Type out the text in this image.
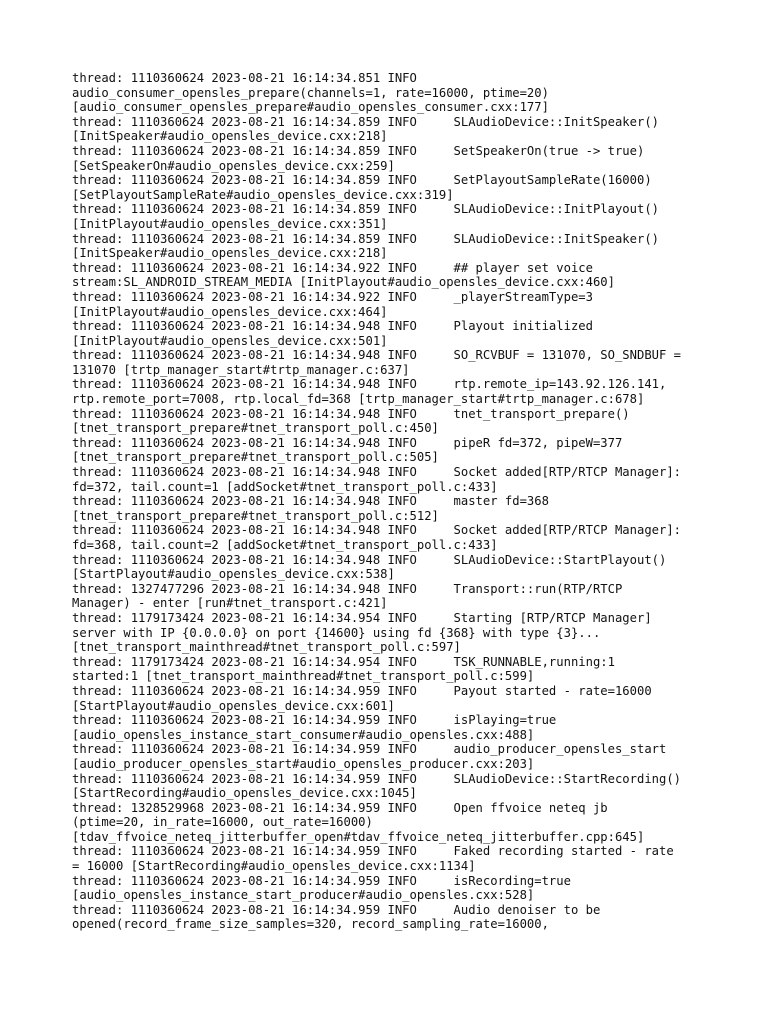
thread: 1110360624 2023-08-21 16:14:34.851 INFO
audio_consumer_opensles_prepare(channels=1, rate=16000, ptime=20)
[audio_consumer_opensles_prepare#audio_opensles_consumer.cxx:177]
thread: 1110360624 2023-08-21 16:14:34.859 INFO     SLAudioDevice::InitSpeaker()
[InitSpeaker#audio_opensles_device.cxx:218]
thread: 1110360624 2023-08-21 16:14:34.859 INFO     SetSpeakerOn(true -> true)
[SetSpeakerOn#audio_opensles_device.cxx:259]
thread: 1110360624 2023-08-21 16:14:34.859 INFO     SetPlayoutSampleRate(16000)
[SetPlayoutSampleRate#audio_opensles_device.cxx:319]
thread: 1110360624 2023-08-21 16:14:34.859 INFO     SLAudioDevice::InitPlayout()
[InitPlayout#audio_opensles_device.cxx:351]
thread: 1110360624 2023-08-21 16:14:34.859 INFO     SLAudioDevice::InitSpeaker()
[InitSpeaker#audio_opensles_device.cxx:218]
thread: 1110360624 2023-08-21 16:14:34.922 INFO     ## player set voice
stream:SL_ANDROID_STREAM_MEDIA [InitPlayout#audio_opensles_device.cxx:460]
thread: 1110360624 2023-08-21 16:14:34.922 INFO     _playerStreamType=3
[InitPlayout#audio_opensles_device.cxx:464]
thread: 1110360624 2023-08-21 16:14:34.948 INFO     Playout initialized
[InitPlayout#audio_opensles_device.cxx:501]
thread: 1110360624 2023-08-21 16:14:34.948 INFO     SO_RCVBUF = 131070, SO_SNDBUF =
131070 [trtp_manager_start#trtp_manager.c:637]
thread: 1110360624 2023-08-21 16:14:34.948 INFO     rtp.remote_ip=143.92.126.141,
rtp.remote_port=7008, rtp.local_fd=368 [trtp_manager_start#trtp_manager.c:678]
thread: 1110360624 2023-08-21 16:14:34.948 INFO     tnet_transport_prepare()
[tnet_transport_prepare#tnet_transport_poll.c:450]
thread: 1110360624 2023-08-21 16:14:34.948 INFO     pipeR fd=372, pipeW=377
[tnet_transport_prepare#tnet_transport_poll.c:505]
thread: 1110360624 2023-08-21 16:14:34.948 INFO     Socket added[RTP/RTCP Manager]:
fd=372, tail.count=1 [addSocket#tnet_transport_poll.c:433]
thread: 1110360624 2023-08-21 16:14:34.948 INFO     master fd=368
[tnet_transport_prepare#tnet_transport_poll.c:512]
thread: 1110360624 2023-08-21 16:14:34.948 INFO     Socket added[RTP/RTCP Manager]:
fd=368, tail.count=2 [addSocket#tnet_transport_poll.c:433]
thread: 1110360624 2023-08-21 16:14:34.948 INFO     SLAudioDevice::StartPlayout()
[StartPlayout#audio_opensles_device.cxx:538]
thread: 1327477296 2023-08-21 16:14:34.948 INFO     Transport::run(RTP/RTCP
Manager) - enter [run#tnet_transport.c:421]
thread: 1179173424 2023-08-21 16:14:34.954 INFO     Starting [RTP/RTCP Manager]
server with IP {0.0.0.0} on port {14600} using fd {368} with type {3}...
[tnet_transport_mainthread#tnet_transport_poll.c:597]
thread: 1179173424 2023-08-21 16:14:34.954 INFO     TSK_RUNNABLE,running:1
started:1 [tnet_transport_mainthread#tnet_transport_poll.c:599]
thread: 1110360624 2023-08-21 16:14:34.959 INFO     Payout started - rate=16000
[StartPlayout#audio_opensles_device.cxx:601]
thread: 1110360624 2023-08-21 16:14:34.959 INFO     isPlaying=true
[audio_opensles_instance_start_consumer#audio_opensles.cxx:488]
thread: 1110360624 2023-08-21 16:14:34.959 INFO     audio_producer_opensles_start
[audio_producer_opensles_start#audio_opensles_producer.cxx:203]
thread: 1110360624 2023-08-21 16:14:34.959 INFO     SLAudioDevice::StartRecording()
[StartRecording#audio_opensles_device.cxx:1045]
thread: 1328529968 2023-08-21 16:14:34.959 INFO     Open ffvoice neteq jb
(ptime=20, in_rate=16000, out_rate=16000)
[tdav_ffvoice_neteq_jitterbuffer_open#tdav_ffvoice_neteq_jitterbuffer.cpp:645]
thread: 1110360624 2023-08-21 16:14:34.959 INFO     Faked recording started - rate
= 16000 [StartRecording#audio_opensles_device.cxx:1134]
thread: 1110360624 2023-08-21 16:14:34.959 INFO     isRecording=true
[audio_opensles_instance_start_producer#audio_opensles.cxx:528]
thread: 1110360624 2023-08-21 16:14:34.959 INFO     Audio denoiser to be
opened(record_frame_size_samples=320, record_sampling_rate=16000,
